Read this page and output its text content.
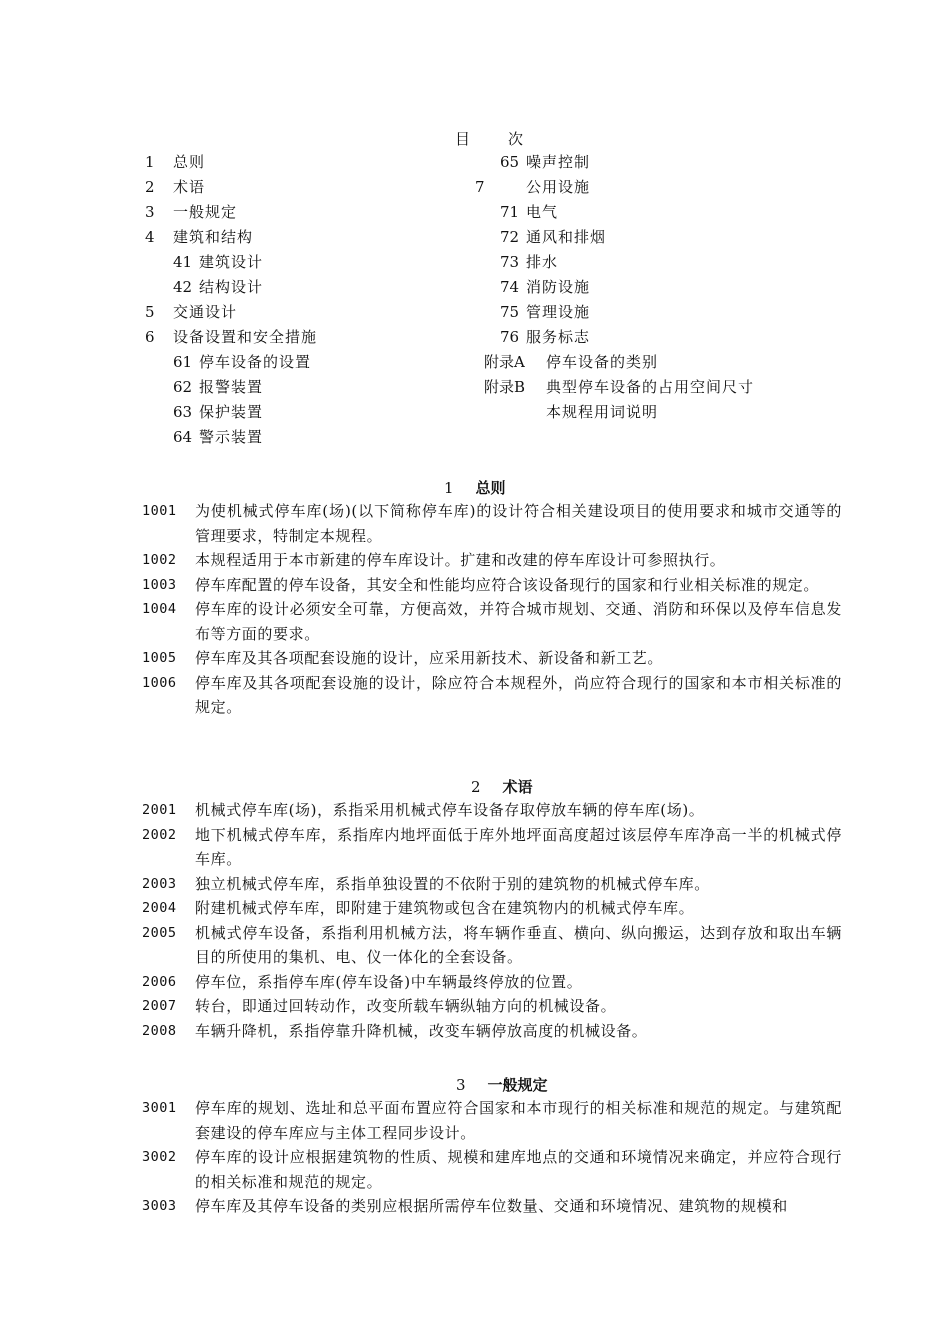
目	次
1 总则
2 术语
3 一般规定
4 建筑和结构
41 建筑设计
42 结构设计
5 交通设计
6 设备设置和安全措施
61 停车设备的设置
62 报警装置
63 保护装置
64 警示装置
65 噪声控制
7	公用设施
71 电气
72 通风和排烟
73 排水
74 消防设施
75 管理设施
76 服务标志
附录A 停车设备的类别
附录B 典型停车设备的占用空间尺寸
本规程用词说明
1 总则
1001	为使机械式停车库(场)(以下简称停车库)的设计符合相关建设项目的使用要求和城市交通等的管理要求，特制定本规程。
1002	本规程适用于本市新建的停车库设计。扩建和改建的停车库设计可参照执行。
1003	停车库配置的停车设备，其安全和性能均应符合该设备现行的国家和行业相关标准的规定。
1004	停车库的设计必须安全可靠，方便高效，并符合城市规划、交通、消防和环保以及停车信息发布等方面的要求。
1005	停车库及其各项配套设施的设计，应采用新技术、新设备和新工艺。
1006	停车库及其各项配套设施的设计，除应符合本规程外，尚应符合现行的国家和本市相关标准的规定。
2 术语
2001	机械式停车库(场)，系指采用机械式停车设备存取停放车辆的停车库(场)。
2002	地下机械式停车库，系指库内地坪面低于库外地坪面高度超过该层停车库净高一半的机械式停车库。
2003	独立机械式停车库，系指单独设置的不依附于别的建筑物的机械式停车库。
2004	附建机械式停车库，即附建于建筑物或包含在建筑物内的机械式停车库。
2005	机械式停车设备，系指利用机械方法，将车辆作垂直、横向、纵向搬运，达到存放和取出车辆目的所使用的集机、电、仪一体化的全套设备。
2006	停车位，系指停车库(停车设备)中车辆最终停放的位置。
2007	转台，即通过回转动作，改变所载车辆纵轴方向的机械设备。
2008	车辆升降机，系指停靠升降机械，改变车辆停放高度的机械设备。
3 一般规定
3001	停车库的规划、选址和总平面布置应符合国家和本市现行的相关标准和规范的规定。与建筑配套建设的停车库应与主体工程同步设计。
3002	停车库的设计应根据建筑物的性质、规模和建库地点的交通和环境情况来确定，并应符合现行的相关标准和规范的规定。
3003	停车库及其停车设备的类别应根据所需停车位数量、交通和环境情况、建筑物的规模和
